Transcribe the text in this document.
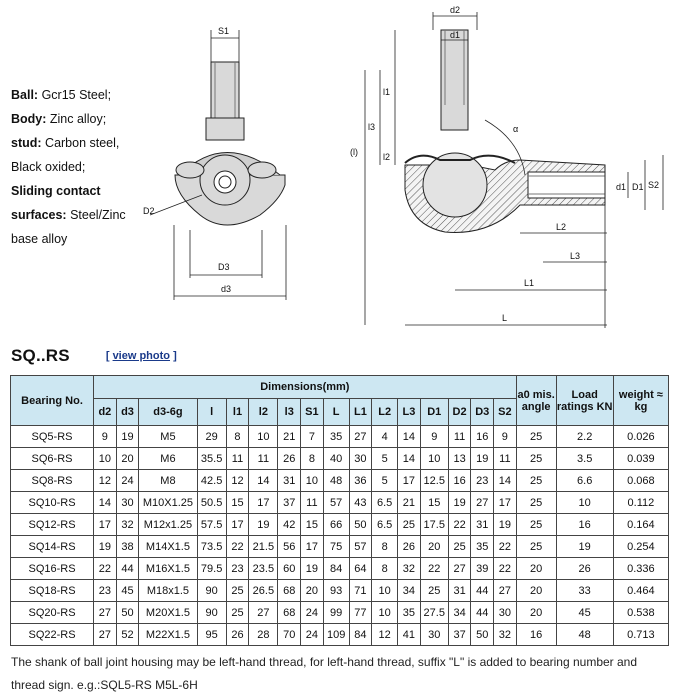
S1
D2
D3
d3
d2
d1
l1
l3
l2
(l)
α
d1 D1 S2
L2
L3
L1
L
Ball: Gcr15 Steel;
Body: Zinc alloy;
stud: Carbon steel,
Black oxided;
Sliding contact
surfaces: Steel/Zinc
base alloy
SQ..RS	[ view photo ]
Bearing No.	Dimensions(mm)																a0 mis. angle	Load ratings KN	weight ≈ kg
	d2	d3	d3-6g	l	l1	l2	l3	S1	L	L1	L2	L3	D1	D2	D3	S2			
SQ5-RS	9	19	M5	29	8	10	21	7	35	27	4	14	9	11	16	9	25	2.2	0.026
SQ6-RS	10	20	M6	35.5	11	11	26	8	40	30	5	14	10	13	19	11	25	3.5	0.039
SQ8-RS	12	24	M8	42.5	12	14	31	10	48	36	5	17	12.5	16	23	14	25	6.6	0.068
SQ10-RS	14	30	M10X1.25	50.5	15	17	37	11	57	43	6.5	21	15	19	27	17	25	10	0.112
SQ12-RS	17	32	M12x1.25	57.5	17	19	42	15	66	50	6.5	25	17.5	22	31	19	25	16	0.164
SQ14-RS	19	38	M14X1.5	73.5	22	21.5	56	17	75	57	8	26	20	25	35	22	25	19	0.254
SQ16-RS	22	44	M16X1.5	79.5	23	23.5	60	19	84	64	8	32	22	27	39	22	20	26	0.336
SQ18-RS	23	45	M18x1.5	90	25	26.5	68	20	93	71	10	34	25	31	44	27	20	33	0.464
SQ20-RS	27	50	M20X1.5	90	25	27	68	24	99	77	10	35	27.5	34	44	30	20	45	0.538
SQ22-RS	27	52	M22X1.5	95	26	28	70	24	109	84	12	41	30	37	50	32	16	48	0.713
The shank of ball joint housing may be left-hand thread, for left-hand thread, suffix "L" is added to bearing number and thread sign. e.g.:SQL5-RS M5L-6H
